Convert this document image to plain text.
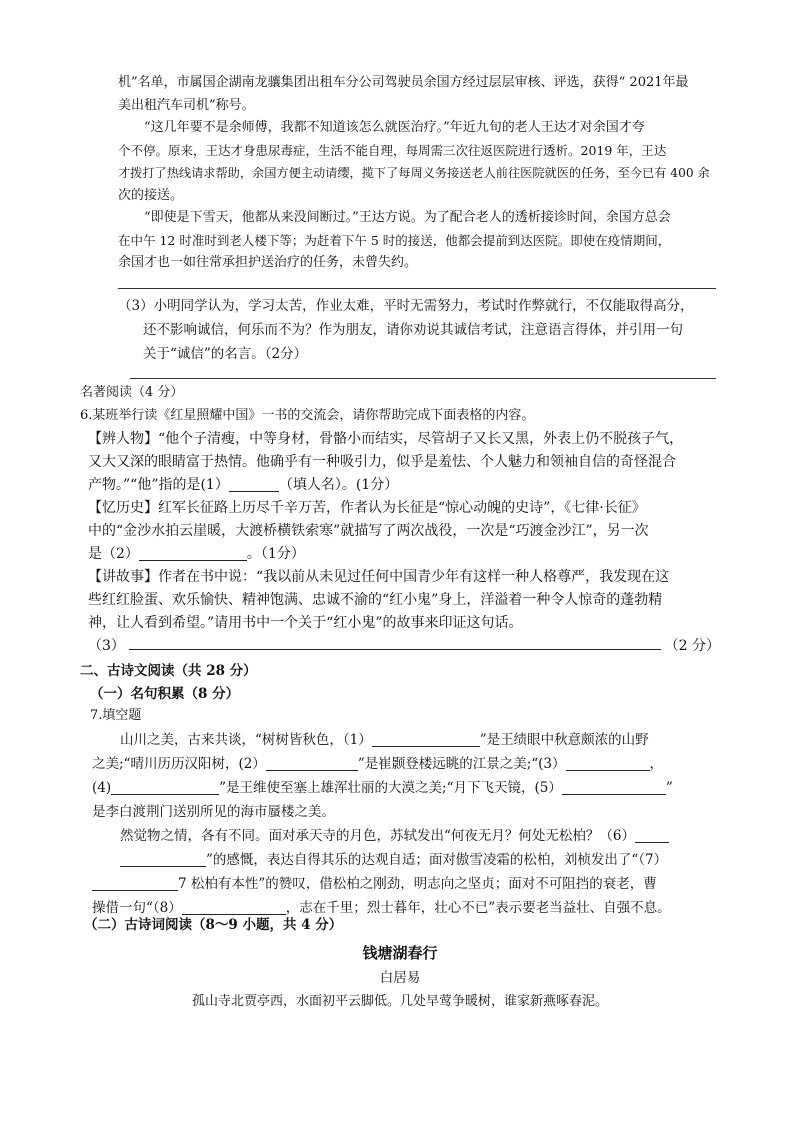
机”名单，市属国企湖南龙骧集团出租车分公司驾驶员余国方经过层层审核、评选，获得“ 2021年最

美出租汽车司机”称号。

“这几年要不是余师傅，我都不知道该怎么就医治疗。”年近九旬的老人王达才对余国才夸

个不停。原来，王达才身患尿毒症，生活不能自理，每周需三次往返医院进行透析。2019 年，王达

才拨打了热线请求帮助，余国方便主动请缨，揽下了每周义务接送老人前往医院就医的任务，至今已有 400 余

次的接送。

“即使是下雪天，他都从来没间断过。”王达方说。为了配合老人的透析接诊时间，余国方总会

在中午 12 时准时到老人楼下等；为赶着下午 5 时的接送，他都会提前到达医院。即使在疫情期间，

余国才也一如往常承担护送治疗的任务，未曾失约。

（3）小明同学认为，学习太苦，作业太难，平时无需努力，考试时作弊就行，不仅能取得高分，

还不影响诚信，何乐而不为？作为朋友，请你劝说其诚信考试，注意语言得体，并引用一句

关于“诚信”的名言。（2分）

名著阅读（4 分）

6.某班举行读《红星照耀中国》一书的交流会，请你帮助完成下面表格的内容。

【辨人物】“他个子清瘦，中等身材，骨骼小而结实，尽管胡子又长又黑，外表上仍不脱孩子气，

又大又深的眼睛富于热情。他确乎有一种吸引力，似乎是羞怯、个人魅力和领袖自信的奇怪混合

产物。”“他”指的是(1）	（填人名）。(1分）

【忆历史】红军长征路上历尽千辛万苦，作者认为长征是“惊心动魄的史诗”，《七律·长征》

中的“金沙水拍云崖暖，大渡桥横铁索寒”就描写了两次战役，一次是“巧渡金沙江”，另一次

是（2）	。（1分）

【讲故事】作者在书中说：“我以前从未见过任何中国青少年有这样一种人格尊严，我发现在这

些红红脸蛋、欢乐愉快、精神饱满、忠诚不渝的“红小鬼”身上，洋溢着一种令人惊奇的蓬勃精

神，让人看到希望。”请用书中一个关于“红小鬼”的故事来印证这句话。

（3）	（2 分）

二、古诗文阅读（共 28 分）

（一）名句积累（8 分）

7.填空题

山川之美，古来共谈，“树树皆秋色，（1）	”是王绩眼中秋意颇浓的山野

之美;“晴川历历汉阳树，(2）	”是崔颢登楼远眺的江景之美;“(3）	，

(4)	”是王维使至塞上雄浑壮丽的大漠之美;“月下飞天镜，(5）	”

是李白渡荆门送别所见的海市蜃楼之美。

然觉物之情，各有不同。面对承天寺的月色，苏轼发出“何夜无月？何处无松柏？（6）

”的感慨，表达自得其乐的达观自适；面对傲雪凌霜的松柏，刘桢发出了“（7）

7 松柏有本性”的赞叹，借松柏之刚劲，明志向之坚贞；面对不可阻挡的衰老，曹

操借一句“（8）	，志在千里；烈士暮年，壮心不已”表示要老当益壮、自强不息。

（二）古诗词阅读（8～9 小题，共 4 分）

钱塘湖春行

白居易

孤山寺北贾亭西，水面初平云脚低。几处早莺争暖树，谁家新燕啄春泥。
